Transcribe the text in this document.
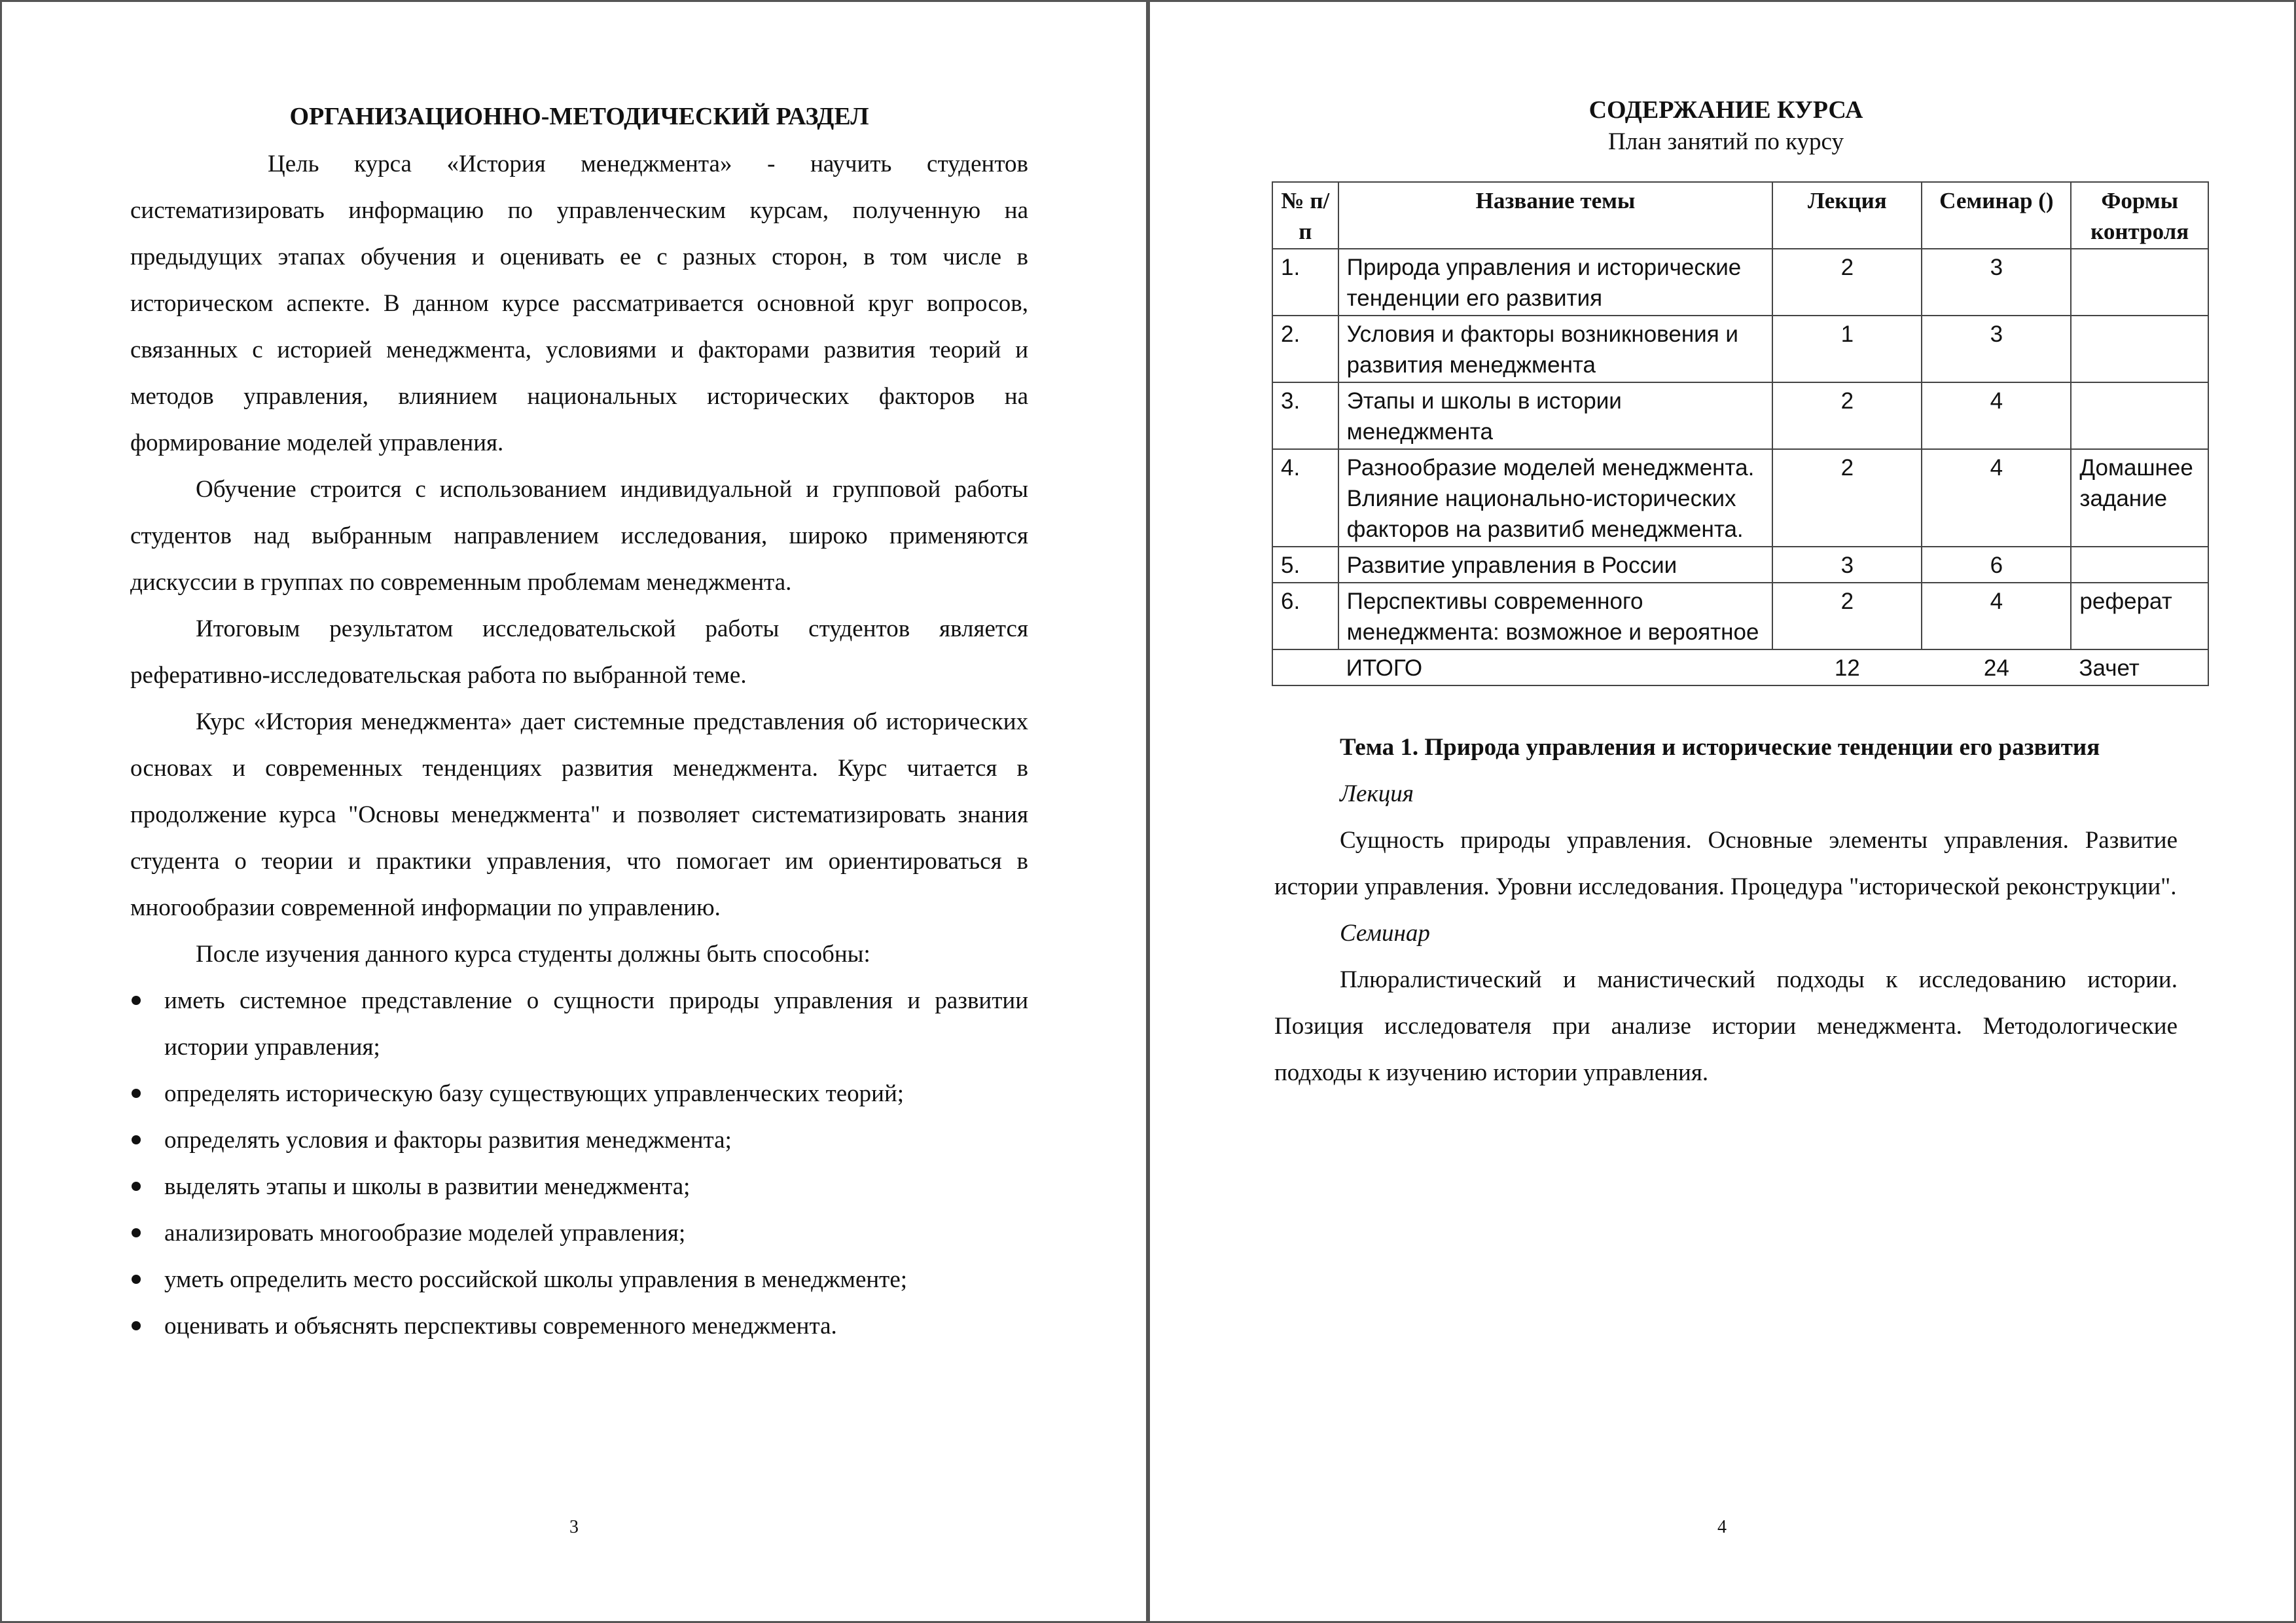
ОРГАНИЗАЦИОННО-МЕТОДИЧЕСКИЙ РАЗДЕЛ

Цель курса «История менеджмента» - научить студентов систематизировать информацию по управленческим курсам, полученную на предыдущих этапах обучения и оценивать ее с разных сторон, в том числе в историческом аспекте. В данном курсе рассматривается основной круг вопросов, связанных с историей менеджмента, условиями и факторами развития теорий и методов управления, влиянием национальных исторических факторов на формирование моделей управления.

Обучение строится с использованием индивидуальной и групповой работы студентов над выбранным направлением исследования, широко применяются дискуссии в группах по современным проблемам менеджмента.

Итоговым результатом исследовательской работы студентов является реферативно-исследовательская работа по выбранной теме.

Курс «История менеджмента» дает системные представления об исторических основах и современных тенденциях развития менеджмента. Курс читается в продолжение курса "Основы менеджмента" и позволяет систематизировать знания студента о теории и практики управления, что помогает им ориентироваться в многообразии современной информации по управлению.

После изучения данного курса студенты должны быть способны:

иметь системное представление о сущности природы управления и развитии истории управления;
определять историческую базу существующих управленческих теорий;
определять условия и факторы развития менеджмента;
выделять этапы и школы в развитии менеджмента;
анализировать многообразие моделей управления;
уметь определить место российской школы управления в менеджменте;
оценивать и объяснять перспективы современного менеджмента.
3
СОДЕРЖАНИЕ КУРСА

План занятий по курсу

№ п/п	Название темы	Лекция	Семинар ()	Формы контроля
1.	Природа управления и исторические тенденции его развития	2	3	
2.	Условия и факторы возникновения и развития менеджмента	1	3	
3.	Этапы и школы в истории менеджмента	2	4	
4.	Разнообразие моделей менеджмента. Влияние национально-исторических факторов на развитиб менеджмента.	2	4	Домашнее задание
5.	Развитие управления в России	3	6	
6.	Перспективы современного менеджмента: возможное и вероятное	2	4	реферат
	ИТОГО	12	24	Зачет

Тема 1. Природа управления и исторические тенденции его развития

Лекция

Сущность природы управления. Основные элементы управления. Развитие истории управления. Уровни исследования. Процедура "исторической реконструкции".

Семинар

Плюралистический и манистический подходы к исследованию истории. Позиция исследователя при анализе истории менеджмента. Методологические подходы к изучению истории управления.

4
